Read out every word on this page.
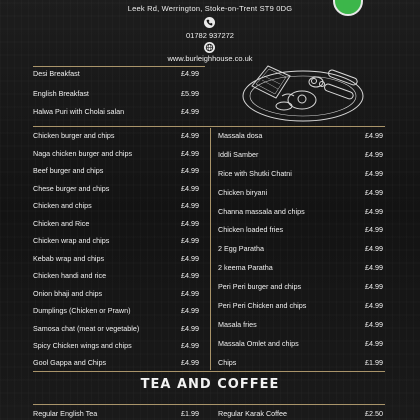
Leek Rd, Werrington, Stoke-on-Trent ST9 0DG
01782 937272
www.burleighhouse.co.uk
Desi Breakfast	£4.99
English Breakfast	£5.99
Halwa Puri with Cholai salan	£4.99
Chicken burger and chips	£4.99
Naga chicken burger and chips	£4.99
Beef burger and chips	£4.99
Chese burger and chips	£4.99
Chicken and chips	£4.99
Chicken and Rice	£4.99
Chicken wrap and chips	£4.99
Kebab wrap and chips	£4.99
Chicken handi and rice	£4.99
Onion bhaji and chips	£4.99
Dumplings (Chicken or Prawn)	£4.99
Samosa chat (meat or vegetable)	£4.99
Spicy Chicken wings and chips	£4.99
Gool Gappa and Chips	£4.99
Massala dosa	£4.99
Iddli Samber	£4.99
Rice with Shutki Chatni	£4.99
Chicken biryani	£4.99
Channa massala and chips	£4.99
Chicken loaded fries	£4.99
2 Egg Paratha	£4.99
2 keema Paratha	£4.99
Peri Peri burger and chips	£4.99
Peri Peri Chicken and chips	£4.99
Masala fries	£4.99
Massala Omlet and chips	£4.99
Chips	£1.99
TEA AND COFFEE
Regular English Tea	£1.99	Regular Karak Coffee	£2.50
